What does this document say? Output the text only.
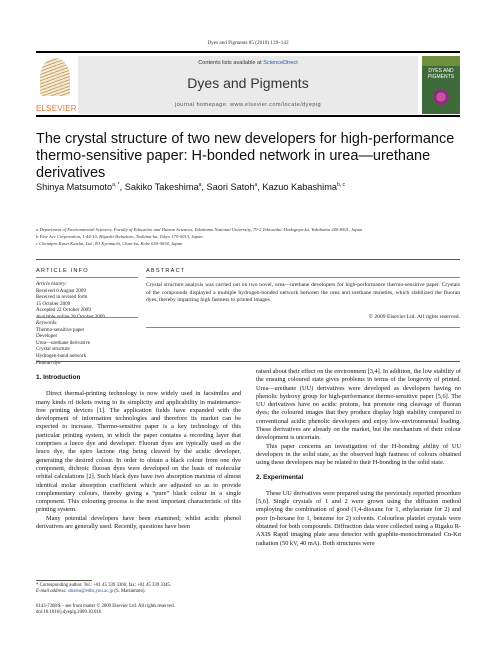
Dyes and Pigments 85 (2010) 139–142
ELSEVIER
Contents lists available at ScienceDirect
Dyes and Pigments
journal homepage: www.elsevier.com/locate/dyepig
DYES AND PIGMENTS
The crystal structure of two new developers for high-performance thermo-sensitive paper: H-bonded network in urea—urethane derivatives
Shinya Matsumoto$^{a, *}$, Sakiko Takeshima$^a$, Saori Satoh$^a$, Kazuo Kabashima$^{b, c}$
a Department of Environmental Sciences, Faculty of Education and Human Sciences, Yokohama National University, 79-2 Tokiwadai, Hodogaya-ku, Yokohama 240-8501, Japan
b Fine Ace Corporation, 1-44-10, Higashi-Ikebukuro, Toshima-ku, Tokyo 170-0013, Japan
c Chemipro Kasei Kaisha, Ltd., R3 Kyomachi, Chuo-ku, Kobe 650-0034, Japan
ARTICLE INFO	ABSTRACT
Article history:
Received 6 August 2009
Received in revised form
15 October 2009
Accepted 22 October 2009
Available online 28 October 2009
Keywords:
Thermo-sensitive paper
Developer
Urea—urethane derivative
Crystal structure
Hydrogen-bond network
Fluoran dye
Crystal structure analysis was carried out on two novel, urea—urethane developers for high-performance thermo-sensitive paper. Crystals of the compounds displayed a multiple hydrogen-bonded network between the urea and urethane moieties, which stabilized the fluoran dyes, thereby imparting high fastness to printed images.
© 2009 Elsevier Ltd. All rights reserved.
1. Introduction

Direct thermal-printing technology is now widely used in facsimiles and many kinds of tickets owing to its simplicity and applicability in maintenance-free printing devices [1]. The application fields have expanded with the development of information technologies and therefore its market can be expected to increase. Thermo-sensitive paper is a key technology of this particular printing system, in which the paper contains a recording layer that comprises a lueco dye and developer. Fluoran dyes are typically used as the leuco dye, the spiro lactone ring being cleaved by the acidic developer, generating the desired colour. In order to obtain a black colour from one dye component, dichroic fluoran dyes were developed on the basis of molecular orbital calculations [2]. Such black dyes have two absorption maxima of almost identical molar absorption coefficient which are adjusted so as to provide complementary colours, thereby giving a “pure” black colour in a single component. This colouring process is the most important characteristic of this printing system.

Many potential developers have been examined; whilst acidic phenol derivatives are generally used. Recently, questions have been

raised about their effect on the environment [3,4]. In addition, the low stability of the ensuing coloured state gives problems in terms of the longevity of printed. Urea—urethane (UU) derivatives were developed as developers having no phenolic hydroxy group for high-performance thermo-sensitive paper [5,6]. The UU derivatives have no acidic protons, but promote ring cleavage of fluoran dyes; the coloured images that they produce display high stability compared to conventional acidic phenolic developers and enjoy low-environmental loading. These derivatives are already on the market, but the mechanism of their colour development is uncertain.

This paper concerns an investigation of the H-bonding ability of UU developers in the solid state, as the observed high fastness of colours obtained using these developers may be related to their H-bonding in the solid state.

2. Experimental

These UU derivatives were prepared using the previously reported procedure [5,6]. Single crystals of 1 and 2 were grown using the diffusion method employing the combination of good (1,4-dioxane for 1, ethylacetate for 2) and poor (n-hexane for 1, benzene for 2) solvents. Colourless platelet crystals were obtained for both compounds. Diffraction data were collected using a Rigaku R-AXIS Rapid imaging plate area detector with graphite-monochromated Cu-Kα radiation (50 kV, 40 mA). Both structures were

* Corresponding author. Tel.: +81 45 339 3366; fax: +81 45 339 3345.
E-mail address: smatsu@edhs.ynu.ac.jp (S. Matsumoto).
0143-7208/$ – see front matter © 2009 Elsevier Ltd. All rights reserved.
doi:10.1016/j.dyepig.2009.10.016
